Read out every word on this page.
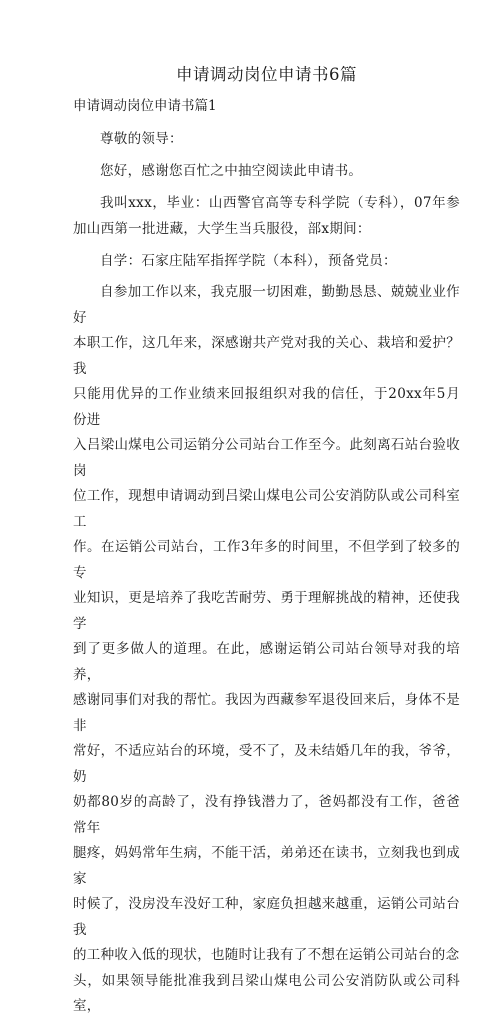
申请调动岗位申请书6篇
申请调动岗位申请书篇1

尊敬的领导：

您好，感谢您百忙之中抽空阅读此申请书。

我叫xxx，毕业：山西警官高等专科学院（专科），07年参加山西第一批进藏，大学生当兵服役，部x期间：

自学：石家庄陆军指挥学院（本科），预备党员：

自参加工作以来，我克服一切困难，勤勤恳恳、兢兢业业作好
本职工作，这几年来，深感谢共产党对我的关心、栽培和爱护？我
只能用优异的工作业绩来回报组织对我的信任，于20xx年5月份进
入吕梁山煤电公司运销分公司站台工作至今。此刻离石站台验收岗
位工作，现想申请调动到吕梁山煤电公司公安消防队或公司科室工
作。在运销公司站台，工作3年多的时间里，不但学到了较多的专
业知识，更是培养了我吃苦耐劳、勇于理解挑战的精神，还使我学
到了更多做人的道理。在此，感谢运销公司站台领导对我的培养，
感谢同事们对我的帮忙。我因为西藏参军退役回来后，身体不是非
常好，不适应站台的环境，受不了，及未结婚几年的我，爷爷，奶
奶都80岁的高龄了，没有挣钱潜力了，爸妈都没有工作，爸爸常年
腿疼，妈妈常年生病，不能干活，弟弟还在读书，立刻我也到成家
时候了，没房没车没好工种，家庭负担越来越重，运销公司站台我
的工种收入低的现状，也随时让我有了不想在运销公司站台的念
头，如果领导能批准我到吕梁山煤电公司公安消防队或公司科室，
